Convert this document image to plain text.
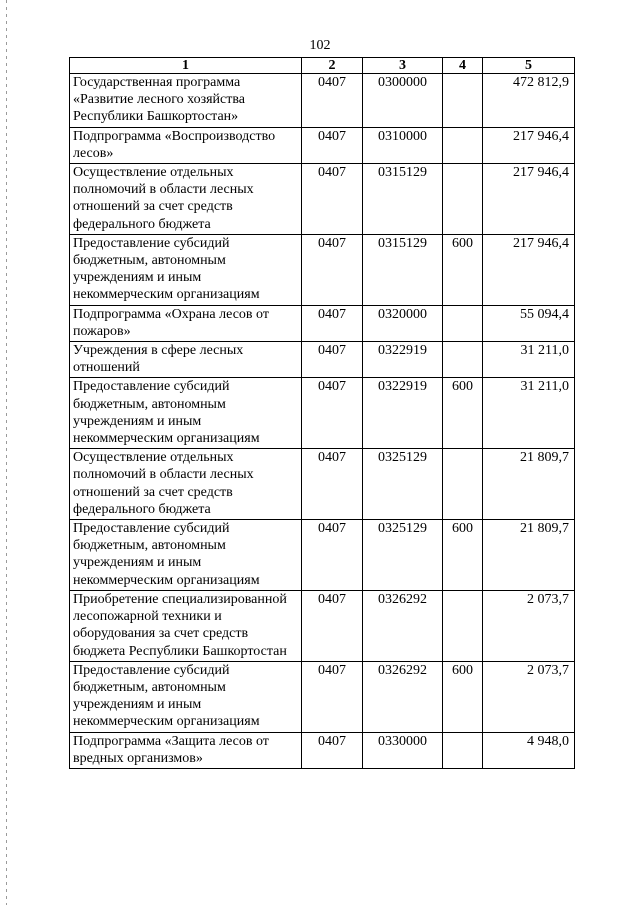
102
1	2	3	4	5
Государственная программа «Развитие лесного хозяйства Республики Башкортостан»	0407	0300000		472 812,9
Подпрограмма «Воспроизводство лесов»	0407	0310000		217 946,4
Осуществление отдельных полномочий в области лесных отношений за счет средств федерального бюджета	0407	0315129		217 946,4
Предоставление субсидий бюджетным, автономным учреждениям и иным некоммерческим организациям	0407	0315129	600	217 946,4
Подпрограмма «Охрана лесов от пожаров»	0407	0320000		55 094,4
Учреждения в сфере лесных отношений	0407	0322919		31 211,0
Предоставление субсидий бюджетным, автономным учреждениям и иным некоммерческим организациям	0407	0322919	600	31 211,0
Осуществление отдельных полномочий в области лесных отношений за счет средств федерального бюджета	0407	0325129		21 809,7
Предоставление субсидий бюджетным, автономным учреждениям и иным некоммерческим организациям	0407	0325129	600	21 809,7
Приобретение специализированной лесопожарной техники и оборудования за счет средств бюджета Республики Башкортостан	0407	0326292		2 073,7
Предоставление субсидий бюджетным, автономным учреждениям и иным некоммерческим организациям	0407	0326292	600	2 073,7
Подпрограмма «Защита лесов от вредных организмов»	0407	0330000		4 948,0
